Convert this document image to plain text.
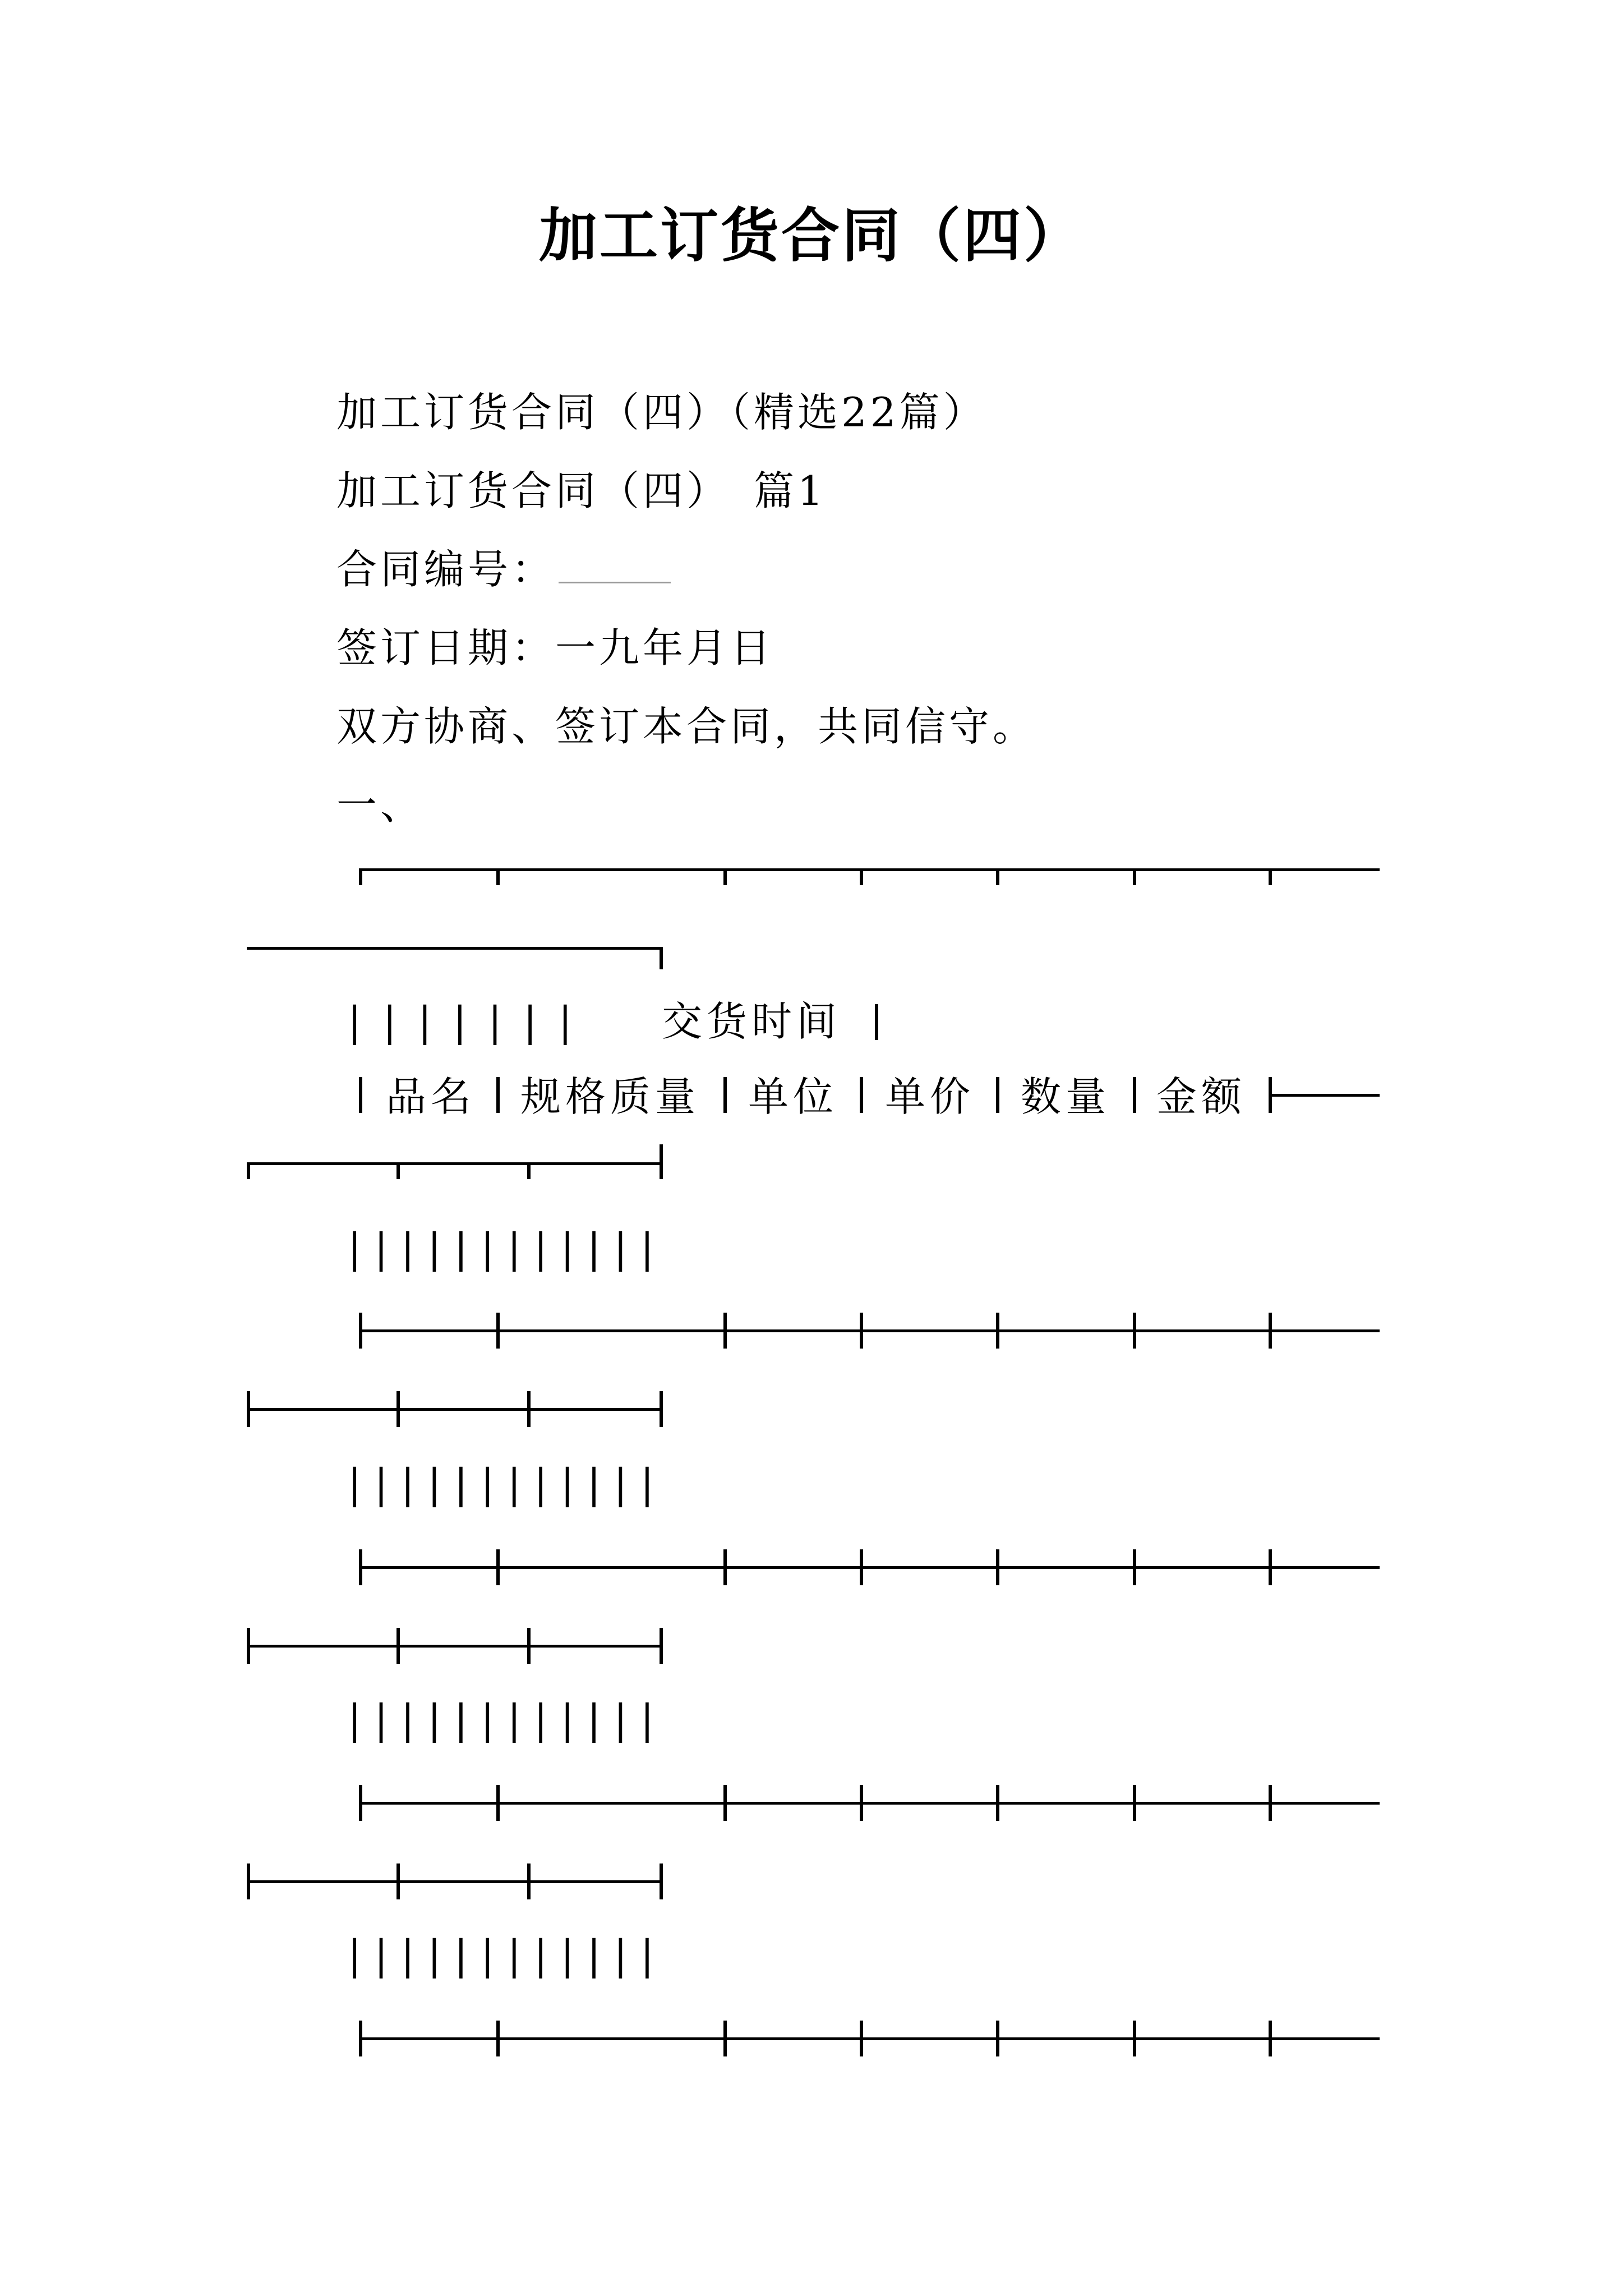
加工订货合同（四）
加工订货合同（四）（精选22篇）
加工订货合同（四）　篇1
合同编号：
签订日期：一九年月日
双方协商、签订本合同，共同信守。
一、
|  |  |  |  |  |  | 交货时间
品名 规格质量 单位 单价 数量 金额
| | | | | | | | | | | |
| | | | | | | | | | | |
| | | | | | | | | | | |
| | | | | | | | | | | |
